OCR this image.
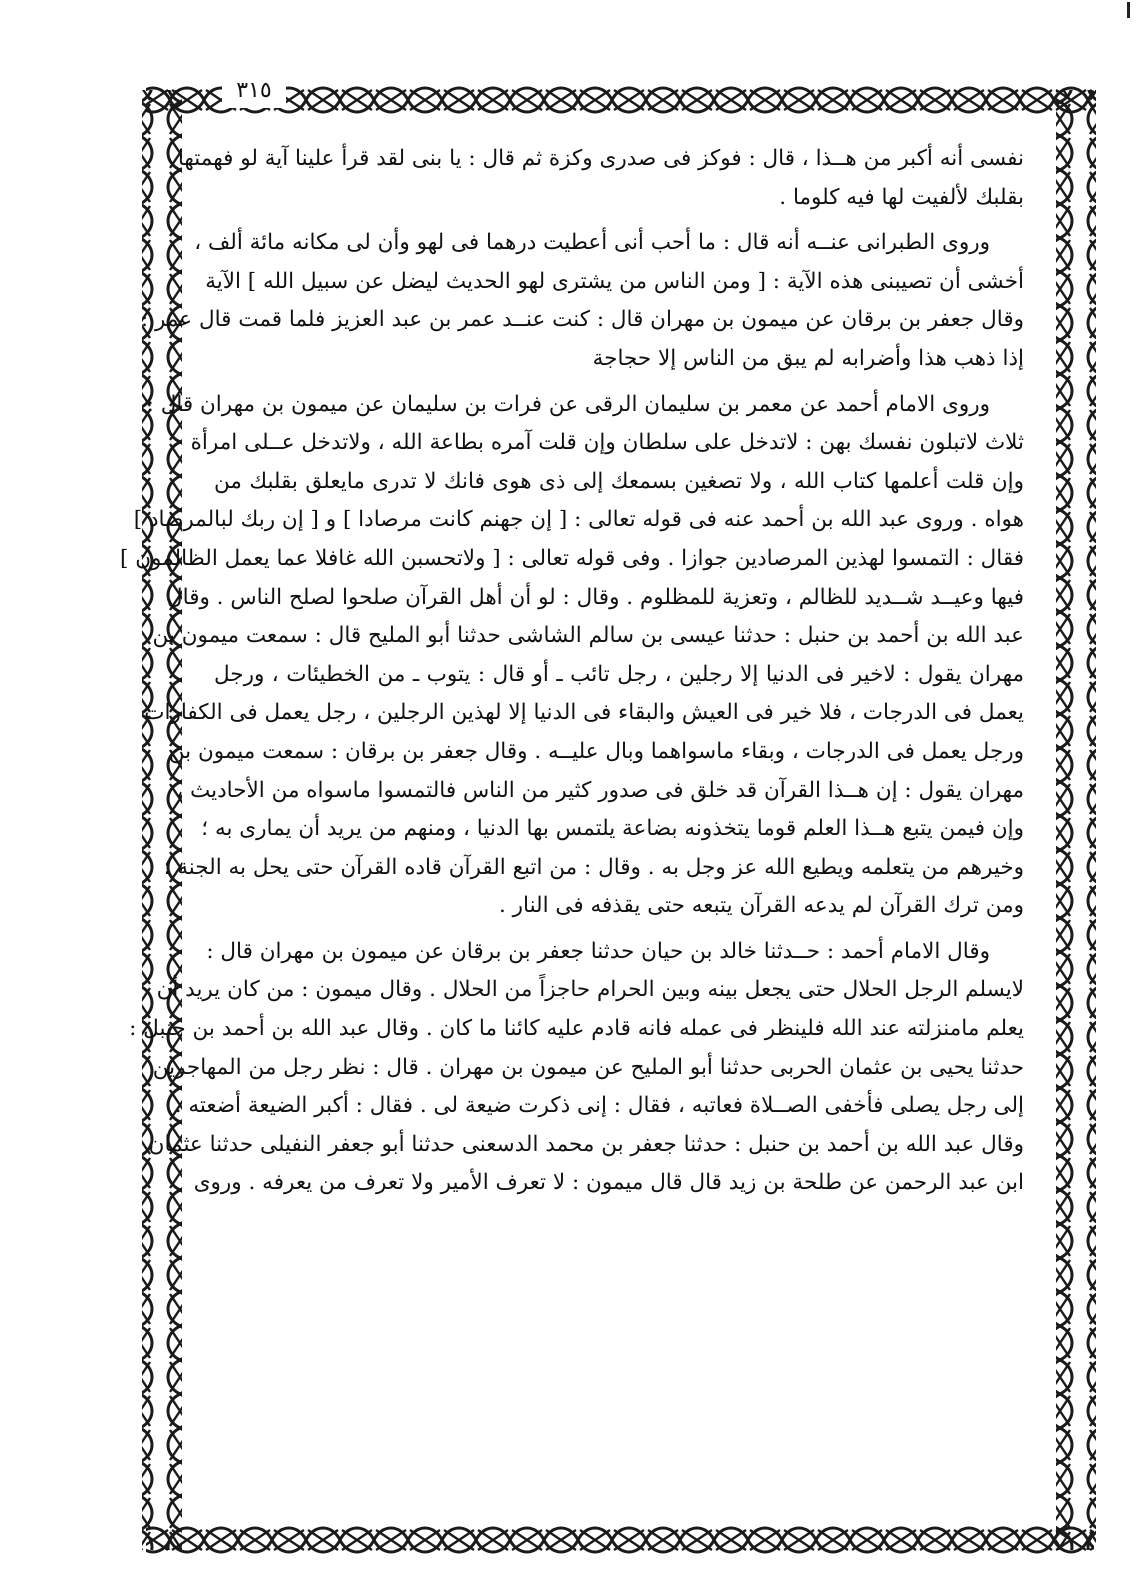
٣١٥
نفسى أنه أكبر من هــذا ، قال : فوكز فى صدرى وكزة ثم قال : يا بنى لقد قرأ علينا آية لو فهمتها
بقلبك لألفيت لها فيه كلوما .
وروى الطبرانى عنــه أنه قال : ما أحب أنى أعطيت درهما فى لهو وأن لى مكانه مائة ألف ،
أخشى أن تصيبنى هذه الآية : [ ومن الناس من يشترى لهو الحديث ليضل عن سبيل الله ] الآية
وقال جعفر بن برقان عن ميمون بن مهران قال : كنت عنــد عمر بن عبد العزيز فلما قمت قال عمر :
إذا ذهب هذا وأضرابه لم يبق من الناس إلا حجاجة
وروى الامام أحمد عن معمر بن سليمان الرقى عن فرات بن سليمان عن ميمون بن مهران قال :
ثلاث لاتبلون نفسك بهن : لاتدخل على سلطان وإن قلت آمره بطاعة الله ، ولاتدخل عــلى امرأة
وإن قلت أعلمها كتاب الله ، ولا تصغين بسمعك إلى ذى هوى فانك لا تدرى مايعلق بقلبك من
هواه . وروى عبد الله بن أحمد عنه فى قوله تعالى : [ إن جهنم كانت مرصادا ] و [ إن ربك لبالمرصاد ]
فقال : التمسوا لهذين المرصادين جوازا . وفى قوله تعالى : [ ولاتحسبن الله غافلا عما يعمل الظالمون ]
فيها وعيــد شــديد للظالم ، وتعزية للمظلوم . وقال : لو أن أهل القرآن صلحوا لصلح الناس . وقال
عبد الله بن أحمد بن حنبل : حدثنا عيسى بن سالم الشاشى حدثنا أبو المليح قال : سمعت ميمون بن
مهران يقول : لاخير فى الدنيا إلا رجلين ، رجل تائب ـ أو قال : يتوب ـ من الخطيئات ، ورجل
يعمل فى الدرجات ، فلا خير فى العيش والبقاء فى الدنيا إلا لهذين الرجلين ، رجل يعمل فى الكفارات
ورجل يعمل فى الدرجات ، وبقاء ماسواهما وبال عليــه . وقال جعفر بن برقان : سمعت ميمون بن
مهران يقول : إن هــذا القرآن قد خلق فى صدور كثير من الناس فالتمسوا ماسواه من الأحاديث ،
وإن فيمن يتبع هــذا العلم قوما يتخذونه بضاعة يلتمس بها الدنيا ، ومنهم من يريد أن يمارى به ؛
وخيرهم من يتعلمه ويطيع الله عز وجل به . وقال : من اتبع القرآن قاده القرآن حتى يحل به الجنة ؛
ومن ترك القرآن لم يدعه القرآن يتبعه حتى يقذفه فى النار .
وقال الامام أحمد : حــدثنا خالد بن حيان حدثنا جعفر بن برقان عن ميمون بن مهران قال :
لايسلم الرجل الحلال حتى يجعل بينه وبين الحرام حاجزاً من الحلال . وقال ميمون : من كان يريد أن
يعلم مامنزلته عند الله فلينظر فى عمله فانه قادم عليه كائنا ما كان . وقال عبد الله بن أحمد بن حنبل :
حدثنا يحيى بن عثمان الحربى حدثنا أبو المليح عن ميمون بن مهران . قال : نظر رجل من المهاجرين
إلى رجل يصلى فأخفى الصــلاة فعاتبه ، فقال : إنى ذكرت ضيعة لى . فقال : أكبر الضيعة أضعته .
وقال عبد الله بن أحمد بن حنبل : حدثنا جعفر بن محمد الدسعنى حدثنا أبو جعفر النفيلى حدثنا عثمان
ابن عبد الرحمن عن طلحة بن زيد قال قال ميمون : لا تعرف الأمير ولا تعرف من يعرفه . وروى
